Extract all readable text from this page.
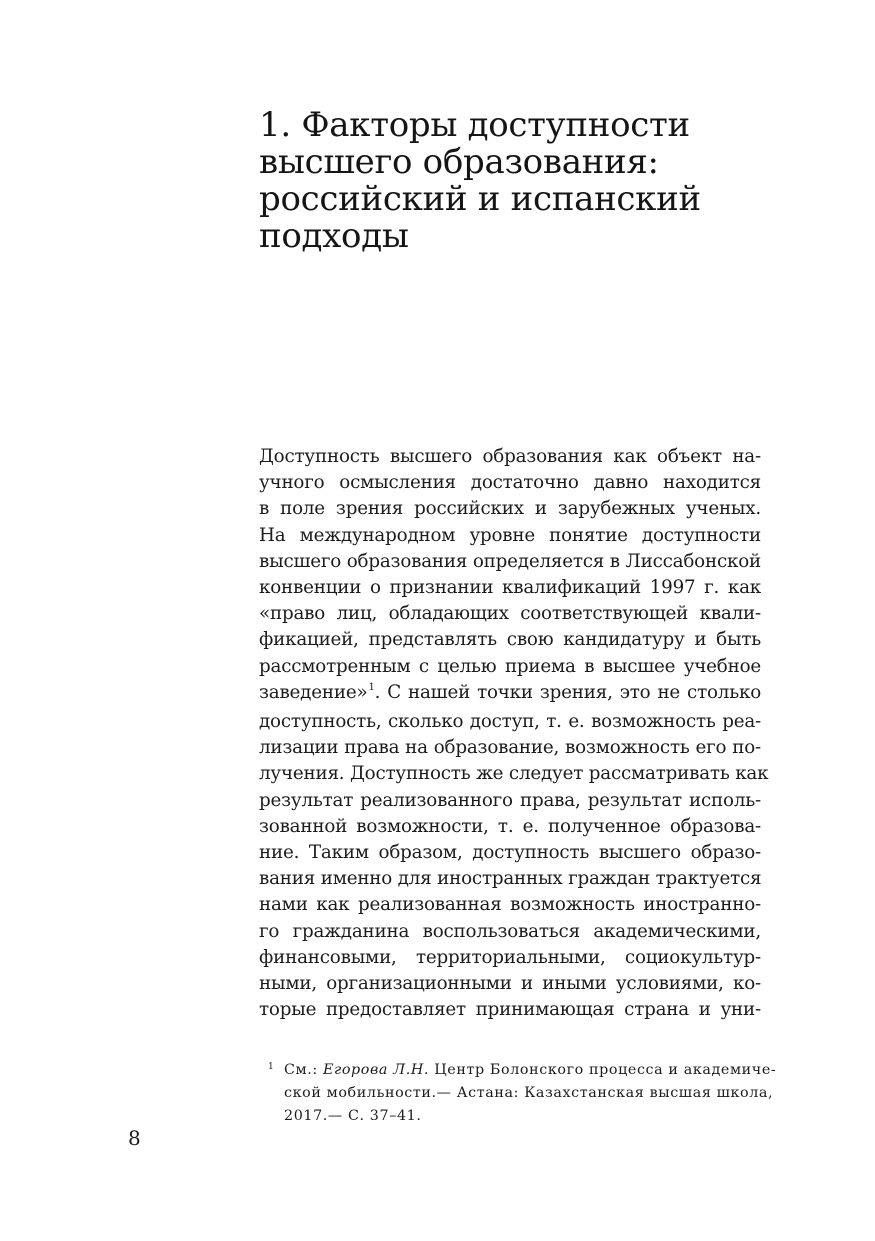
1. Факторы доступности
высшего образования:
российский и испанский
подходы
Доступность высшего образования как объект на-
учного осмысления достаточно давно находится
в поле зрения российских и зарубежных ученых.
На международном уровне понятие доступности
высшего образования определяется в Лиссабонской
конвенции о признании квалификаций 1997 г. как
«право лиц, обладающих соответствующей квали-
фикацией, представлять свою кандидатуру и быть
рассмотренным с целью приема в высшее учебное
заведение»$^1$. С нашей точки зрения, это не столько
доступность, сколько доступ, т. е. возможность реа-
лизации права на образование, возможность его по-
лучения. Доступность же следует рассматривать как
результат реализованного права, результат исполь-
зованной возможности, т. е. полученное образова-
ние. Таким образом, доступность высшего образо-
вания именно для иностранных граждан трактуется
нами как реализованная возможность иностранно-
го гражданина воспользоваться академическими,
финансовыми, территориальными, социокультур-
ными, организационными и иными условиями, ко-
торые предоставляет принимающая страна и уни-
1 См.: Егорова Л.Н. Центр Болонского процесса и академиче-
ской мобильности.— Астана: Казахстанская высшая школа,
2017.— С. 37–41.
8
